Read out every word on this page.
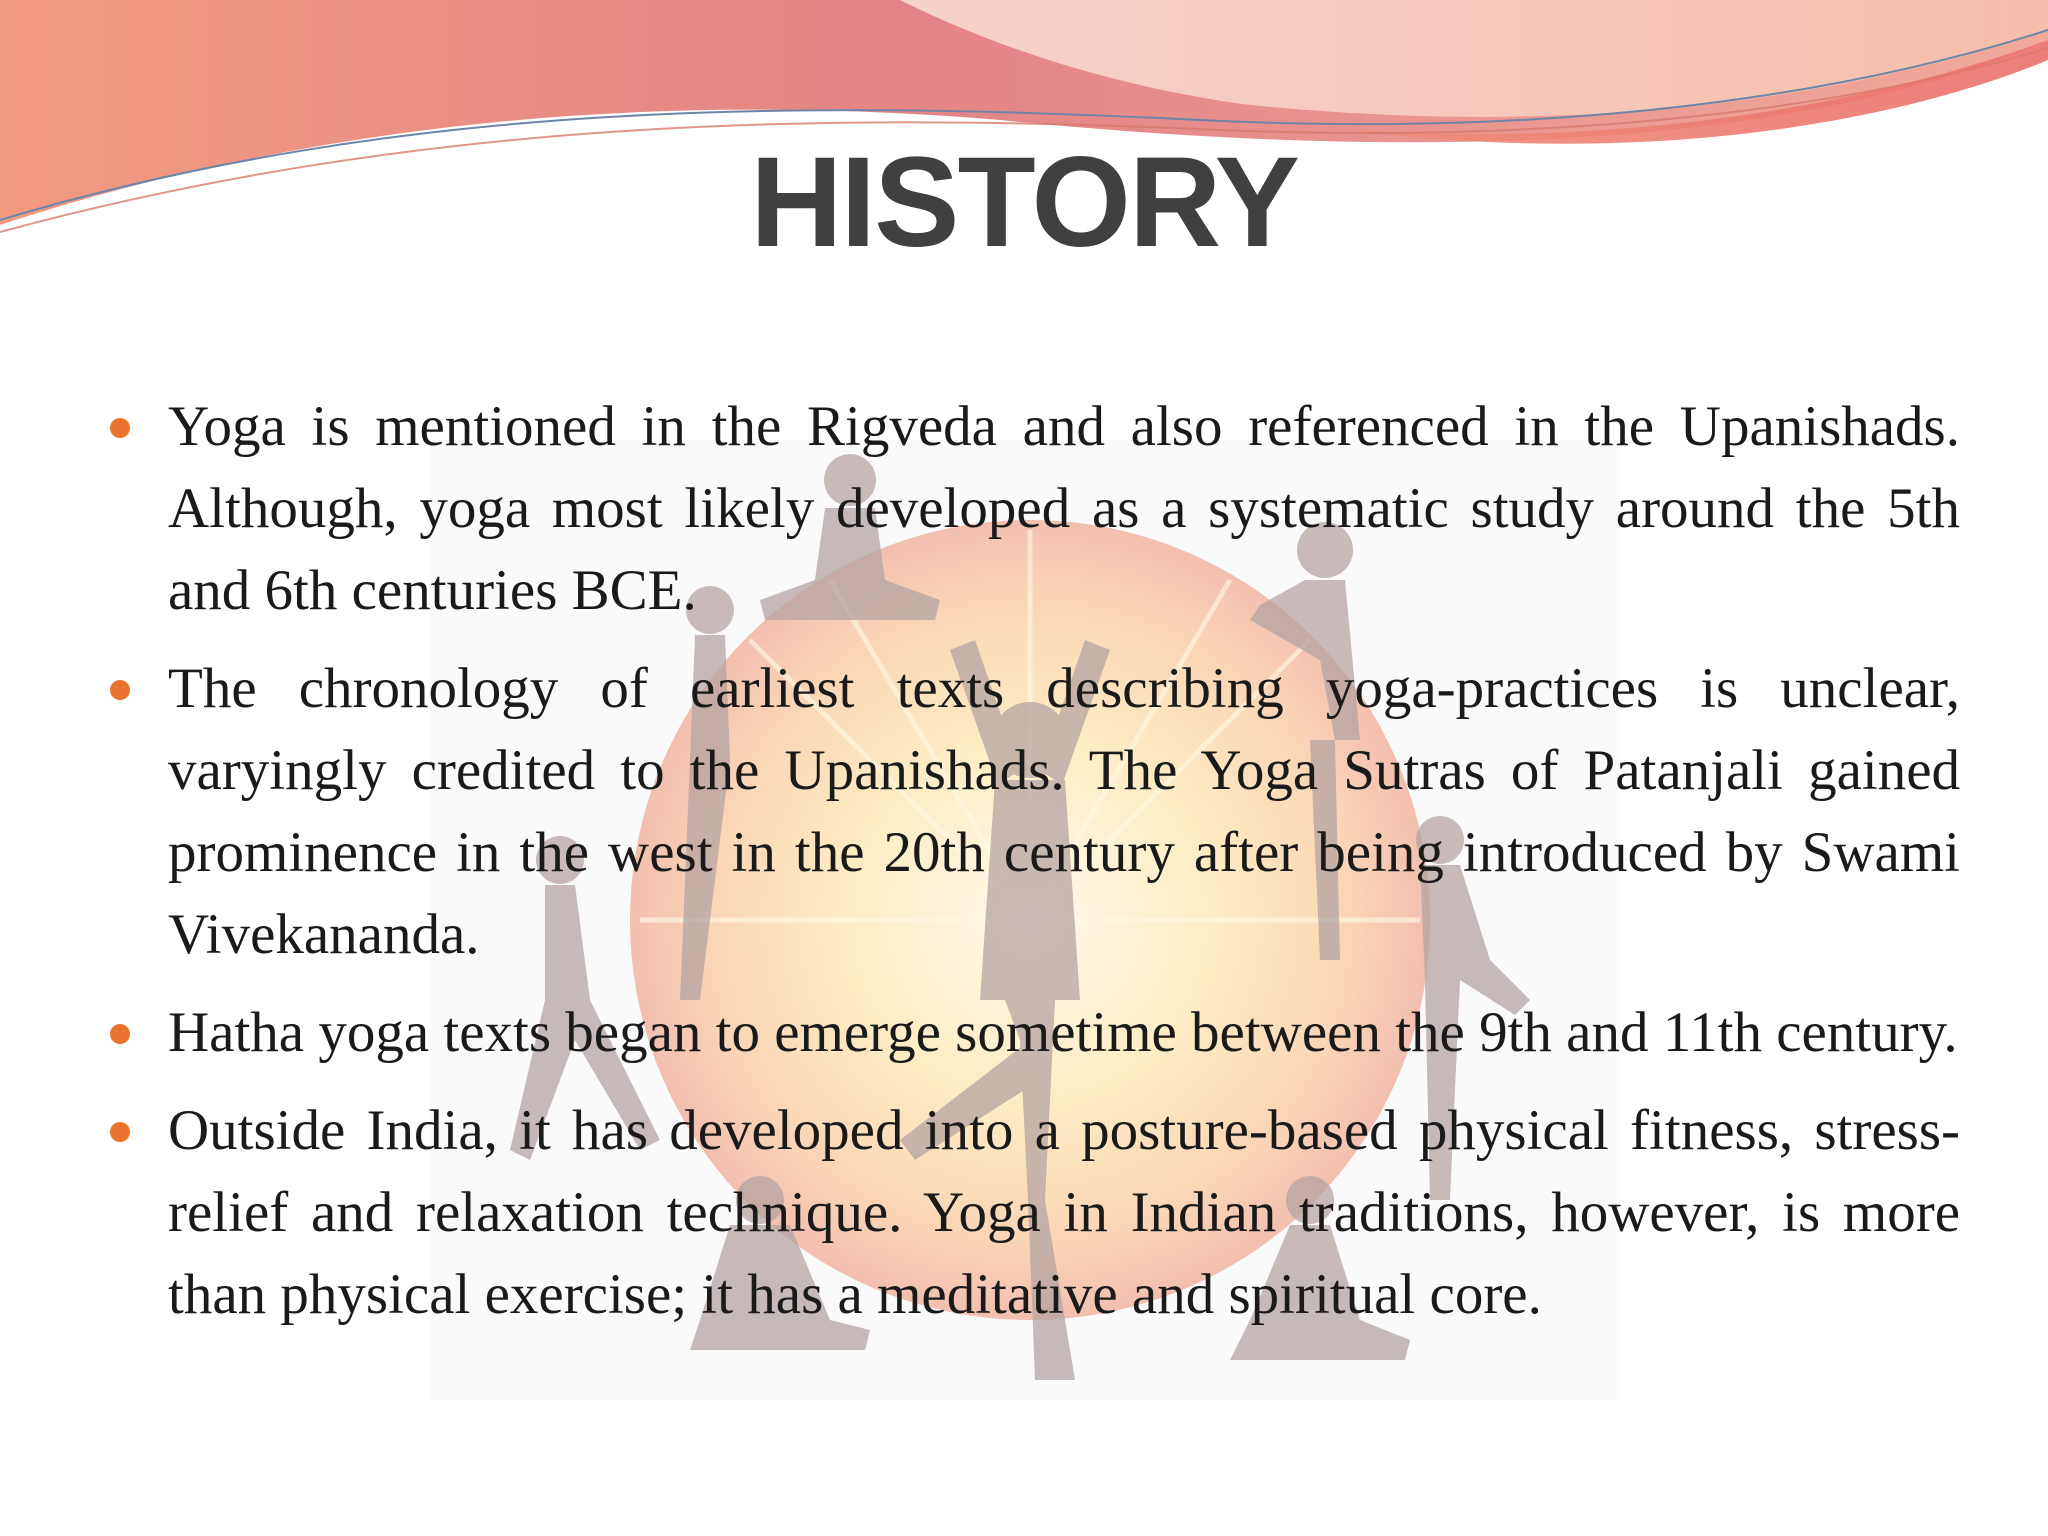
HISTORY
Yoga is mentioned in the Rigveda and also referenced in the Upanishads. Although, yoga most likely developed as a systematic study around the 5th and 6th centuries BCE.
The chronology of earliest texts describing yoga-practices is unclear, varyingly credited to the Upanishads. The Yoga Sutras of Patanjali gained prominence in the west in the 20th century after being introduced by Swami Vivekananda.
Hatha yoga texts began to emerge sometime between the 9th and 11th century.
Outside India, it has developed into a posture-based physical fitness, stress-relief and relaxation technique. Yoga in Indian traditions, however, is more than physical exercise; it has a meditative and spiritual core.
